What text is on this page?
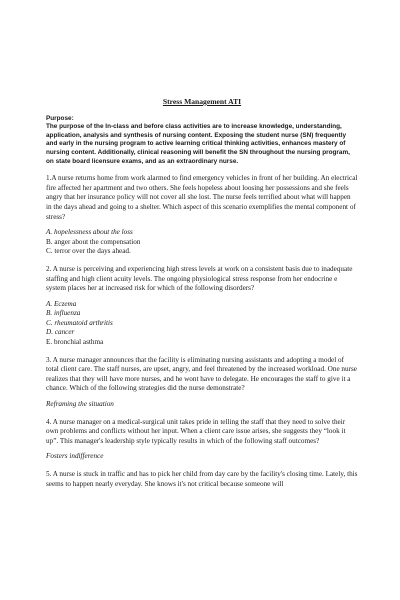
Stress Management ATI

Purpose:

The purpose of the In-class and before class activities are to increase knowledge, understanding, application, analysis and synthesis of nursing content. Exposing the student nurse (SN) frequently and early in the nursing program to active learning critical thinking activities, enhances mastery of nursing content. Additionally, clinical reasoning will benefit the SN throughout the nursing program, on state board licensure exams, and as an extraordinary nurse.

1.A nurse returns home from work alarmed to find emergency vehicles in front of her building. An electrical fire affected her apartment and two others. She feels hopeless about loosing her possessions and she feels angry that her insurance policy will not cover all she lost. The nurse feels terrified about what will happen in the days ahead and going to a shelter. Which aspect of this scenario exemplifies the mental component of stress?

A. hopelessness about the loss

B. anger about the compensation

C. terror over the days ahead.

2. A nurse is perceiving and experiencing high stress levels at work on a consistent basis due to inadequate staffing and high client acuity levels. The ongoing physiological stress response from her endocrine e system places her at increased risk for which of the following disorders?

A. Eczema

B. influenza

C. rheumatoid arthritis

D. cancer

E. bronchial asthma

3. A nurse manager announces that the facility is eliminating nursing assistants and adopting a model of total client care. The staff nurses, are upset, angry, and feel threatened by the increased workload. One nurse realizes that they will have more nurses, and he wont have to delegate. He encourages the staff to give it a chance. Which of the following strategies did the nurse demonstrate?

Reframing the situation

4. A nurse manager on a medical-surgical unit takes pride in telling the staff that they need to solve their own problems and conflicts without her input. When a client care issue arises, she suggests they “look it up”. This manager's leadership style typically results in which of the following staff outcomes?

Fosters indifference

5. A nurse is stuck in traffic and has to pick her child from day care by the facility's closing time. Lately, this seems to happen nearly everyday. She knows it's not critical because someone will
